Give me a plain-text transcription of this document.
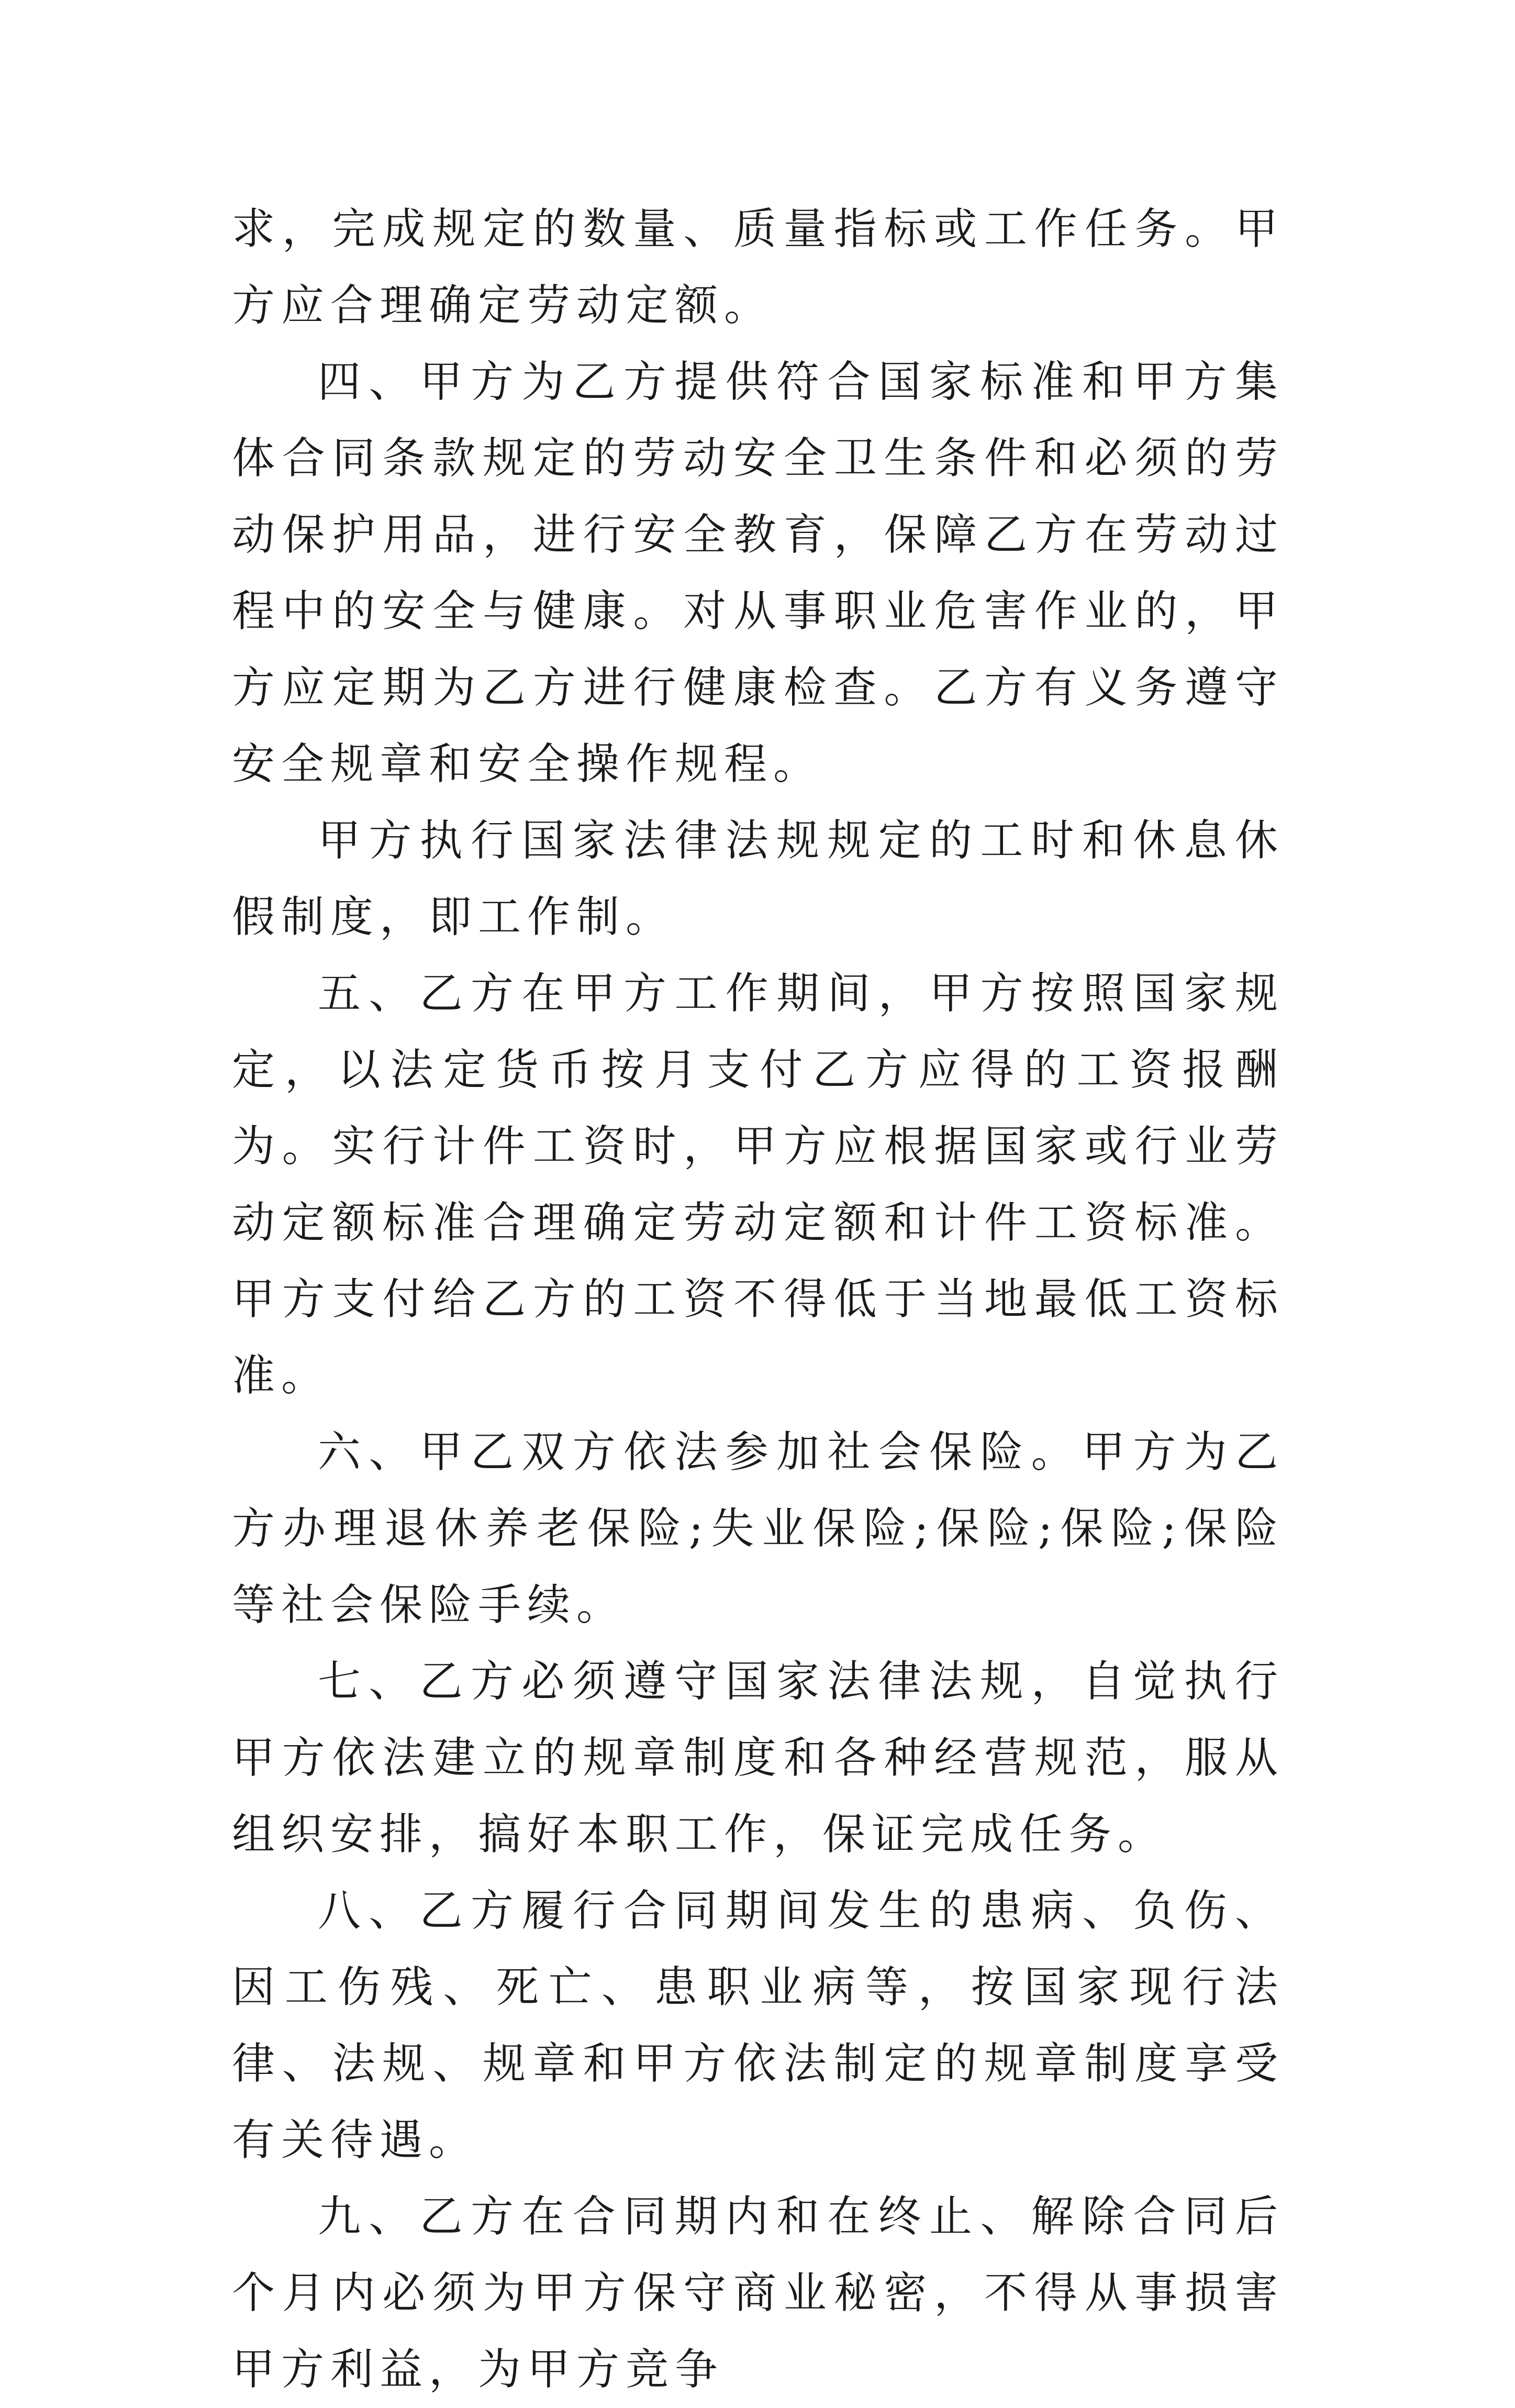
求，完成规定的数量、质量指标或工作任务。甲方应合理确定劳动定额。

四、甲方为乙方提供符合国家标准和甲方集体合同条款规定的劳动安全卫生条件和必须的劳动保护用品，进行安全教育，保障乙方在劳动过程中的安全与健康。对从事职业危害作业的，甲方应定期为乙方进行健康检查。乙方有义务遵守安全规章和安全操作规程。

甲方执行国家法律法规规定的工时和休息休假制度，即工作制。

五、乙方在甲方工作期间，甲方按照国家规定，以法定货币按月支付乙方应得的工资报酬为。实行计件工资时，甲方应根据国家或行业劳动定额标准合理确定劳动定额和计件工资标准。甲方支付给乙方的工资不得低于当地最低工资标准。

六、甲乙双方依法参加社会保险。甲方为乙方办理退休养老保险;失业保险;保险;保险;保险等社会保险手续。

七、乙方必须遵守国家法律法规，自觉执行甲方依法建立的规章制度和各种经营规范，服从组织安排，搞好本职工作，保证完成任务。

八、乙方履行合同期间发生的患病、负伤、因工伤残、死亡、患职业病等，按国家现行法律、法规、规章和甲方依法制定的规章制度享受有关待遇。

九、乙方在合同期内和在终止、解除合同后个月内必须为甲方保守商业秘密，不得从事损害甲方利益，为甲方竞争
